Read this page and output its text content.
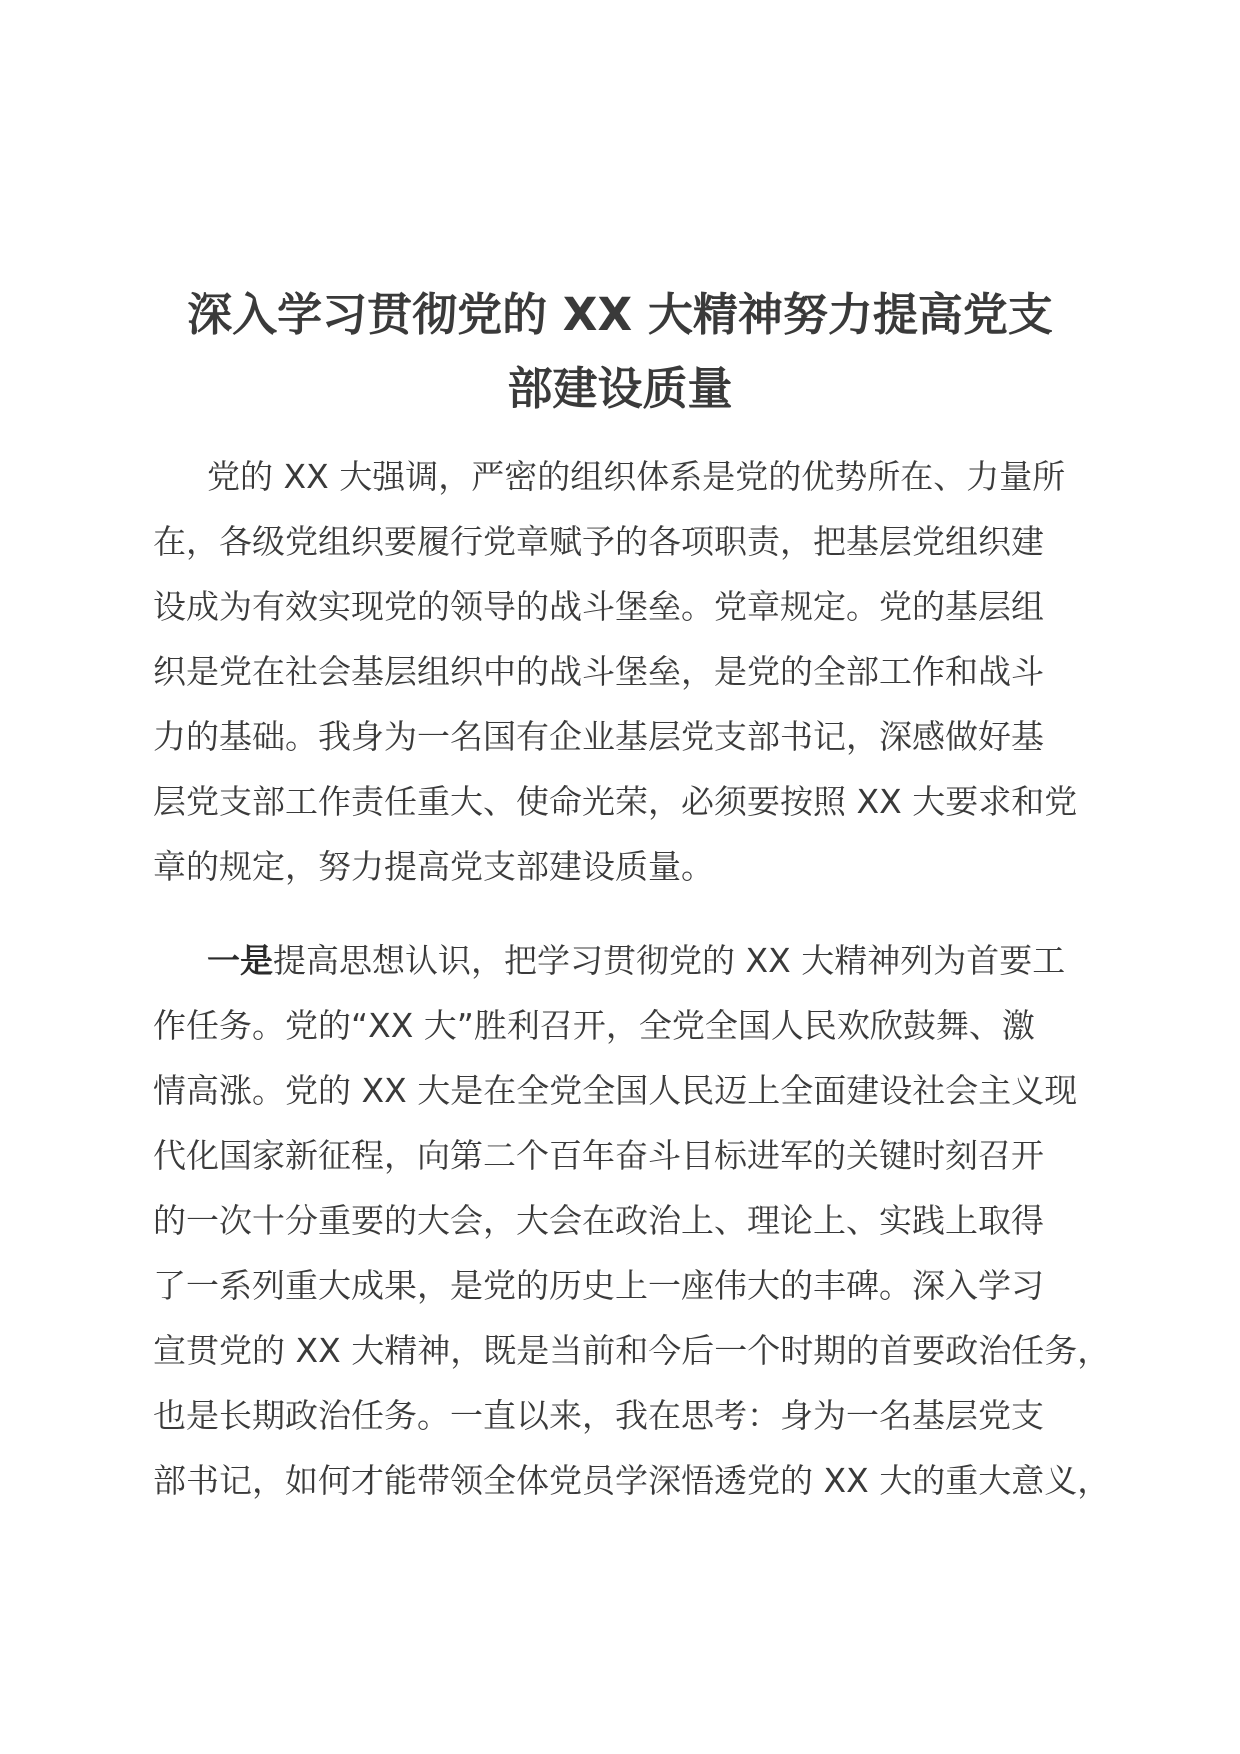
深入学习贯彻党的 XX 大精神努力提高党支
部建设质量
党的 XX 大强调，严密的组织体系是党的优势所在、力量所
在，各级党组织要履行党章赋予的各项职责，把基层党组织建
设成为有效实现党的领导的战斗堡垒。党章规定。党的基层组
织是党在社会基层组织中的战斗堡垒，是党的全部工作和战斗
力的基础。我身为一名国有企业基层党支部书记，深感做好基
层党支部工作责任重大、使命光荣，必须要按照 XX 大要求和党
章的规定，努力提高党支部建设质量。
一是提高思想认识，把学习贯彻党的 XX 大精神列为首要工
作任务。党的“XX 大”胜利召开，全党全国人民欢欣鼓舞、激
情高涨。党的 XX 大是在全党全国人民迈上全面建设社会主义现
代化国家新征程，向第二个百年奋斗目标进军的关键时刻召开
的一次十分重要的大会，大会在政治上、理论上、实践上取得
了一系列重大成果，是党的历史上一座伟大的丰碑。深入学习
宣贯党的 XX 大精神，既是当前和今后一个时期的首要政治任务，
也是长期政治任务。一直以来，我在思考：身为一名基层党支
部书记，如何才能带领全体党员学深悟透党的 XX 大的重大意义，
